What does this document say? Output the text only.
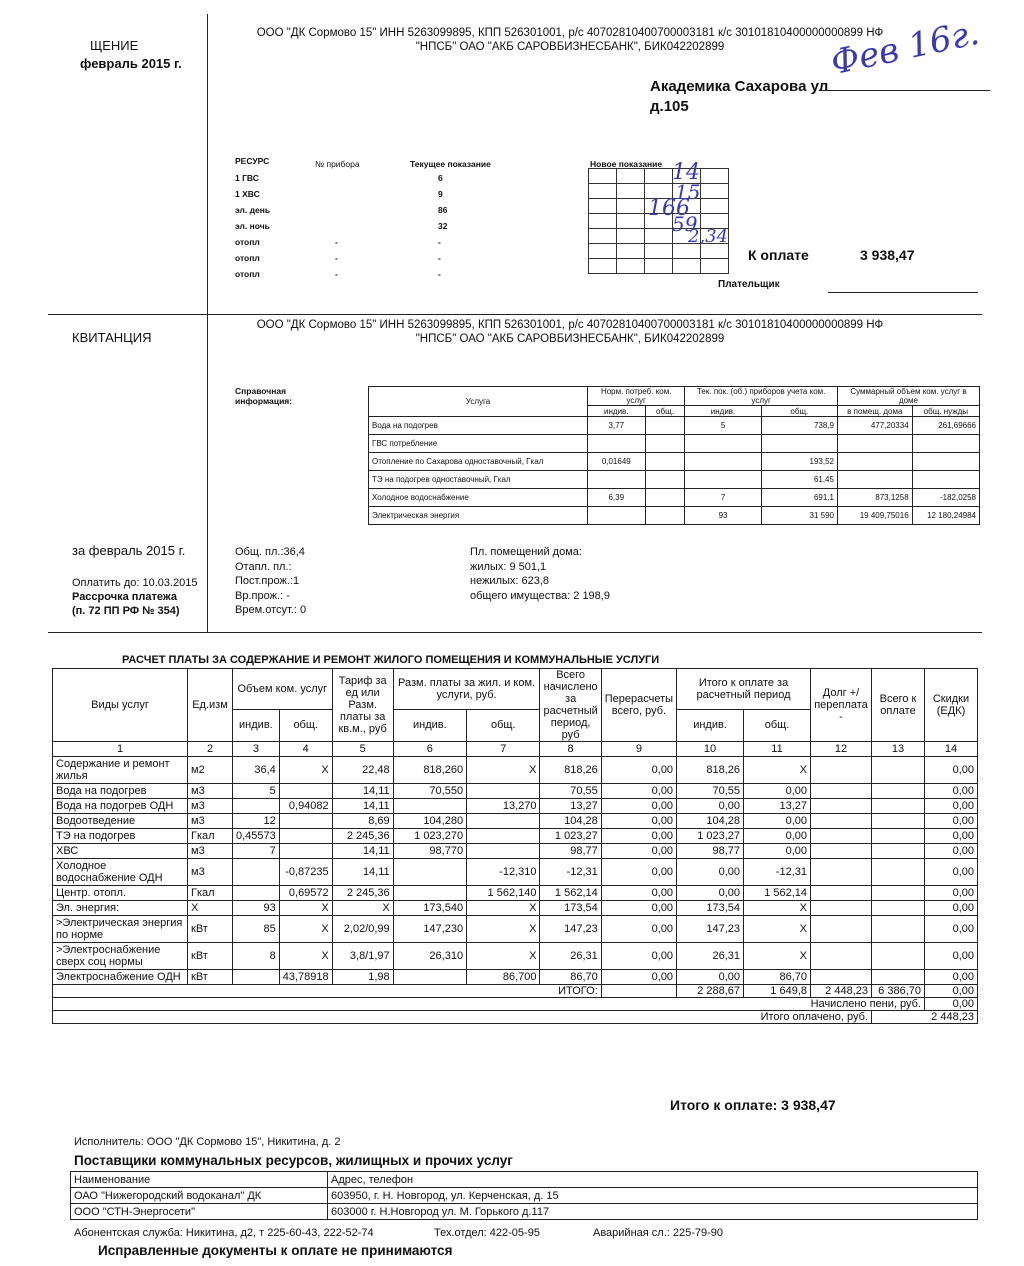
ЩЕНИЕ
февраль 2015 г.
ООО "ДК Сормово 15" ИНН 5263099895, КПП 526301001, р/с 40702810400700003181 к/с 30101810400000000899 НФ
"НПСБ" ОАО "АКБ САРОВБИЗНЕСБАНК", БИК042202899
Академика Сахарова ул
д.105
Фев 16г.
РЕСУРС	№ прибора	Текущее показание	Новое показание
1 ГВС		6
1 ХВС		9
эл. день		86
эл. ночь		32
отопл	-	-
отопл	-	-
отопл	-	-

14
15
166
59
2,34
К оплате	3 938,47
Плательщик
КВИТАНЦИЯ
ООО "ДК Сормово 15" ИНН 5263099895, КПП 526301001, р/с 40702810400700003181 к/с 30101810400000000899 НФ
"НПСБ" ОАО "АКБ САРОВБИЗНЕСБАНК", БИК042202899
Справочная
информация:	Услуга	Норм. потреб. ком. услуг		Тек. пок. (об.) приборов учета ком. услуг		Суммарный объем ком. услуг в доме	
	индив.	общ.	индив.	общ.	в помещ. дома	общ. нужды
Вода на подогрев	3,77		5	738,9	477,20334	261,69666
ГВС потребление						
Отопление по Сахарова одноставочный, Гкал	0,01649			193,52		
ТЭ на подогрев одноставочный, Гкал				61,45		
Холодное водоснабжение	6,39		7	691,1	873,1258	-182,0258
Электрическая энергия			93	31 590	19 409,75016	12 180,24984
за февраль 2015 г.
Оплатить до: 10.03.2015
Рассрочка платежа
(п. 72 ПП РФ № 354)
Общ. пл.:36,4
Отапл. пл.:
Пост.прож.:1
Вр.прож.: -
Врем.отсут.: 0
Пл. помещений дома:
жилых: 9 501,1
нежилых: 623,8
общего имущества: 2 198,9
РАСЧЕТ ПЛАТЫ ЗА СОДЕРЖАНИЕ И РЕМОНТ ЖИЛОГО ПОМЕЩЕНИЯ И КОММУНАЛЬНЫЕ УСЛУГИ
Виды услуг	Ед.изм	Объем ком. услуг		Тариф за ед или Разм. платы за кв.м., руб	Разм. платы за жил. и ком. услуги, руб.		Всего начислено за расчетный период, руб	Перерасчеты всего, руб.	Итого к оплате за расчетный период		Долг +/ переплата -	Всего к оплате	Скидки (ЕДК)
		индив.	общ.		индив.	общ.			индив.	общ.			
1	2	3	4	5	6	7	8	9	10	11	12	13	14
Содержание и ремонт жилья	м2	36,4	X	22,48	818,260	X	818,26	0,00	818,26	X			0,00
Вода на подогрев	м3	5		14,11	70,550		70,55	0,00	70,55	0,00			0,00
Вода на подогрев ОДН	м3		0,94082	14,11		13,270	13,27	0,00	0,00	13,27			0,00
Водоотведение	м3	12		8,69	104,280		104,28	0,00	104,28	0,00			0,00
ТЭ на подогрев	Гкал	0,45573		2 245,36	1 023,270		1 023,27	0,00	1 023,27	0,00			0,00
ХВС	м3	7		14,11	98,770		98,77	0,00	98,77	0,00			0,00
Холодное водоснабжение ОДН	м3		-0,87235	14,11		-12,310	-12,31	0,00	0,00	-12,31			0,00
Центр. отопл.	Гкал		0,69572	2 245,36		1 562,140	1 562,14	0,00	0,00	1 562,14			0,00
Эл. энергия:	X	93	X	X	173,540	X	173,54	0,00	173,54	X			0,00
>Электрическая энергия по норме	кВт	85	X	2,02/0,99	147,230	X	147,23	0,00	147,23	X			0,00
>Электроснабжение сверх соц нормы	кВт	8	X	3,8/1,97	26,310	X	26,31	0,00	26,31	X			0,00
Электроснабжение ОДН	кВт		43,78918	1,98		86,700	86,70	0,00	0,00	86,70			0,00
ИТОГО:									2 288,67	1 649,8	2 448,23	6 386,70	0,00
Начислено пени, руб.													0,00
Итого оплачено, руб.												2 448,23	
Итого к оплате: 3 938,47
Исполнитель: ООО "ДК Сормово 15", Никитина, д. 2
Поставщики коммунальных ресурсов, жилищных и прочих услуг
Наименование	Адрес, телефон
ОАО "Нижегородский водоканал" ДК	603950, г. Н. Новгород, ул. Керченская, д. 15
ООО "СТН-Энергосети"	603000 г. Н.Новгород ул. М. Горького д.117
Абонентская служба: Никитина, д2, т 225-60-43, 222-52-74	Тех.отдел: 422-05-95	Аварийная сл.: 225-79-90
Исправленные документы к оплате не принимаются
